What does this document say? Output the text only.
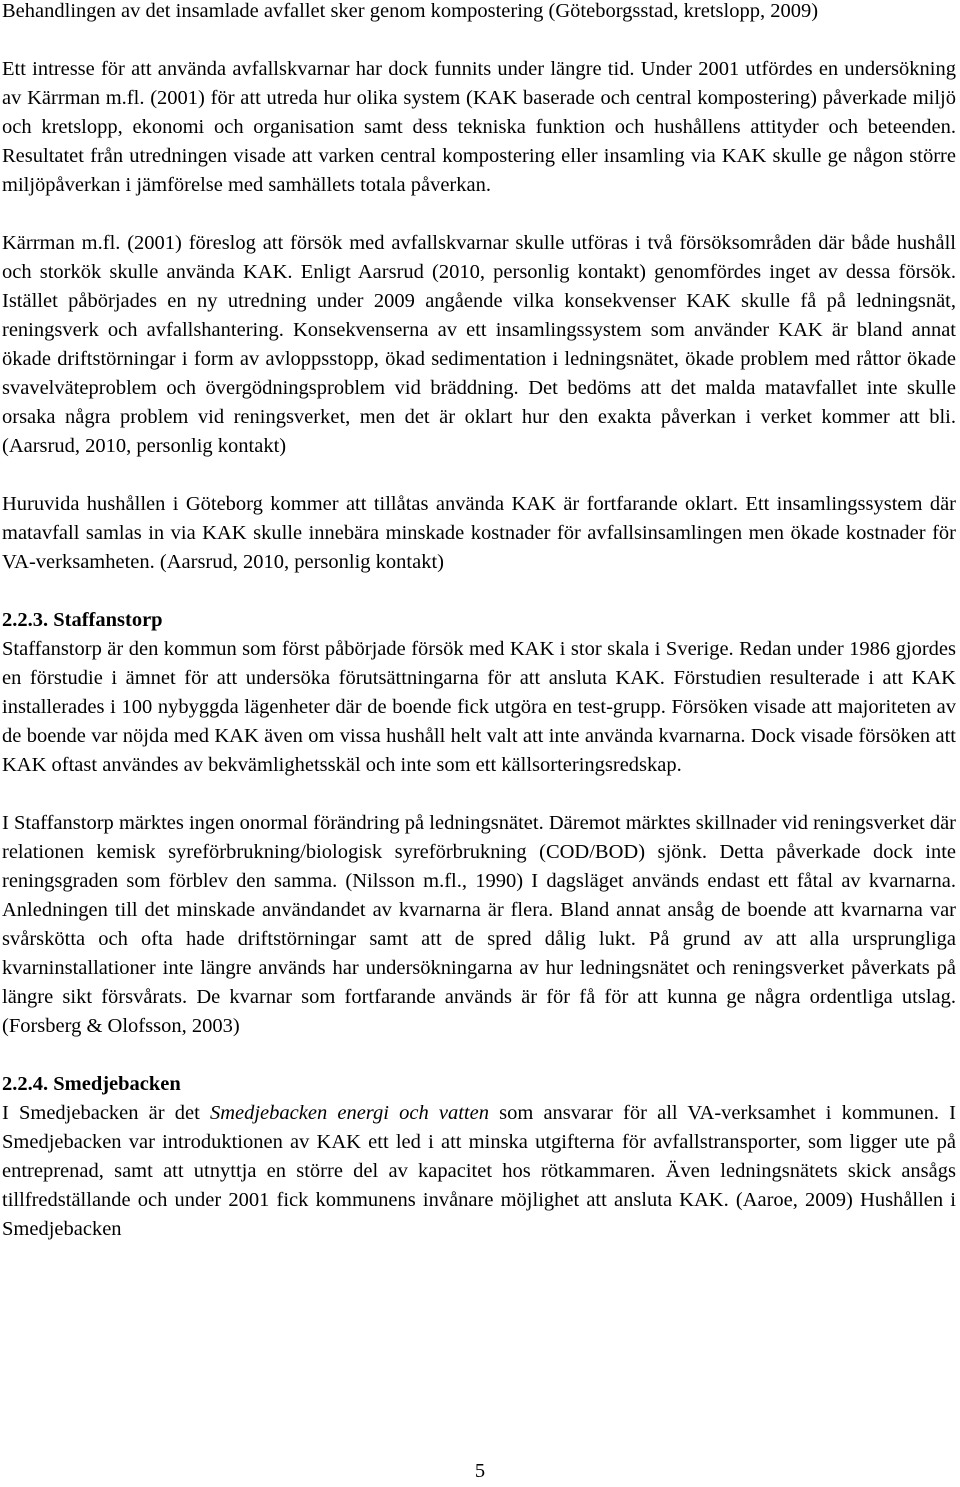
Behandlingen av det insamlade avfallet sker genom kompostering (Göteborgsstad, kretslopp, 2009)

Ett intresse för att använda avfallskvarnar har dock funnits under längre tid. Under 2001 utfördes en undersökning av Kärrman m.fl. (2001) för att utreda hur olika system (KAK baserade och central kompostering) påverkade miljö och kretslopp, ekonomi och organisation samt dess tekniska funktion och hushållens attityder och beteenden. Resultatet från utredningen visade att varken central kompostering eller insamling via KAK skulle ge någon större miljöpåverkan i jämförelse med samhällets totala påverkan.

Kärrman m.fl. (2001) föreslog att försök med avfallskvarnar skulle utföras i två försöksområden där både hushåll och storkök skulle använda KAK. Enligt Aarsrud (2010, personlig kontakt) genomfördes inget av dessa försök. Istället påbörjades en ny utredning under 2009 angående vilka konsekvenser KAK skulle få på ledningsnät, reningsverk och avfallshantering. Konsekvenserna av ett insamlingssystem som använder KAK är bland annat ökade driftstörningar i form av avloppsstopp, ökad sedimentation i ledningsnätet, ökade problem med råttor ökade svavelväteproblem och övergödningsproblem vid bräddning. Det bedöms att det malda matavfallet inte skulle orsaka några problem vid reningsverket, men det är oklart hur den exakta påverkan i verket kommer att bli. (Aarsrud, 2010, personlig kontakt)

Huruvida hushållen i Göteborg kommer att tillåtas använda KAK är fortfarande oklart. Ett insamlingssystem där matavfall samlas in via KAK skulle innebära minskade kostnader för avfallsinsamlingen men ökade kostnader för VA-verksamheten. (Aarsrud, 2010, personlig kontakt)

2.2.3. Staffanstorp

Staffanstorp är den kommun som först påbörjade försök med KAK i stor skala i Sverige. Redan under 1986 gjordes en förstudie i ämnet för att undersöka förutsättningarna för att ansluta KAK. Förstudien resulterade i att KAK installerades i 100 nybyggda lägenheter där de boende fick utgöra en test-grupp. Försöken visade att majoriteten av de boende var nöjda med KAK även om vissa hushåll helt valt att inte använda kvarnarna. Dock visade försöken att KAK oftast användes av bekvämlighetsskäl och inte som ett källsorteringsredskap.

I Staffanstorp märktes ingen onormal förändring på ledningsnätet. Däremot märktes skillnader vid reningsverket där relationen kemisk syreförbrukning/biologisk syreförbrukning (COD/BOD) sjönk. Detta påverkade dock inte reningsgraden som förblev den samma. (Nilsson m.fl., 1990) I dagsläget används endast ett fåtal av kvarnarna. Anledningen till det minskade användandet av kvarnarna är flera. Bland annat ansåg de boende att kvarnarna var svårskötta och ofta hade driftstörningar samt att de spred dålig lukt. På grund av att alla ursprungliga kvarninstallationer inte längre används har undersökningarna av hur ledningsnätet och reningsverket påverkats på längre sikt försvårats. De kvarnar som fortfarande används är för få för att kunna ge några ordentliga utslag. (Forsberg & Olofsson, 2003)

2.2.4. Smedjebacken

I Smedjebacken är det Smedjebacken energi och vatten som ansvarar för all VA-verksamhet i kommunen. I Smedjebacken var introduktionen av KAK ett led i att minska utgifterna för avfallstransporter, som ligger ute på entreprenad, samt att utnyttja en större del av kapacitet hos rötkammaren. Även ledningsnätets skick ansågs tillfredställande och under 2001 fick kommunens invånare möjlighet att ansluta KAK. (Aaroe, 2009) Hushållen i Smedjebacken

5
